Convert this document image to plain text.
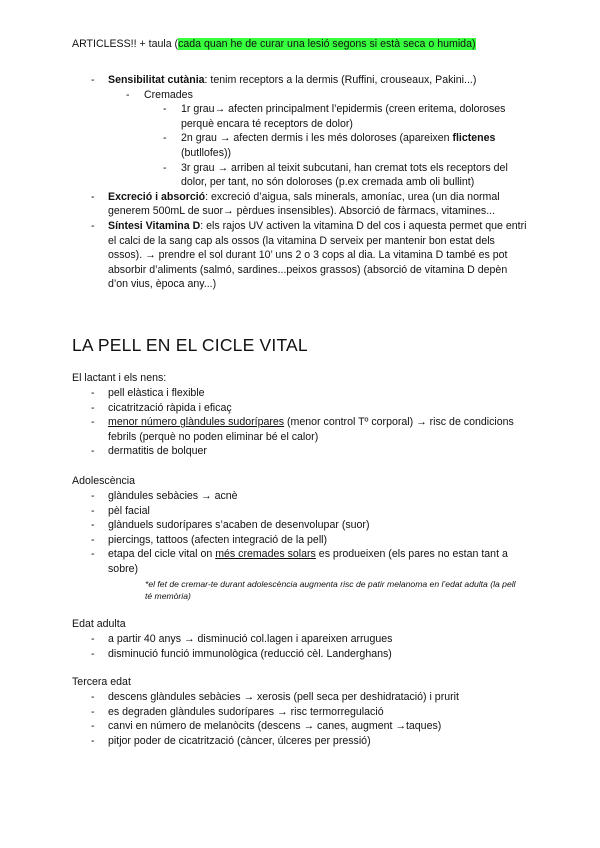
ARTICLESS!! + taula (cada quan he de curar una lesió segons si està seca o humida)
- Sensibilitat cutània: tenim receptors a la dermis (Ruffini, crouseaux, Pakini...)
- Cremades
- 1r grau→ afecten principalment l’epidermis (creen eritema, doloroses perquè encara té receptors de dolor)
- 2n grau → afecten dermis i les més doloroses (apareixen flictenes (butllofes))
- 3r grau → arriben al teixit subcutani, han cremat tots els receptors del dolor, per tant, no són doloroses (p.ex cremada amb oli bullint)
- Excreció i absorció: excreció d’aigua, sals minerals, amoníac, urea (un dia normal generem 500mL de suor→ pèrdues insensibles). Absorció de fàrmacs, vitamines...
- Síntesi Vitamina D: els rajos UV activen la vitamina D del cos i aquesta permet que entri el calci de la sang cap als ossos (la vitamina D serveix per mantenir bon estat dels ossos). → prendre el sol durant 10’ uns 2 o 3 cops al dia. La vitamina D també es pot absorbir d’aliments (salmó, sardines...peixos grassos) (absorció de vitamina D depèn d’on vius, època any...)
LA PELL EN EL CICLE VITAL
El lactant i els nens:
- pell elàstica i flexible
- cicatrització ràpida i eficaç
- menor número glàndules sudorípares (menor control Tº corporal) → risc de condicions febrils (perquè no poden eliminar bé el calor)
- dermatitis de bolquer
Adolescència
- glàndules sebàcies → acnè
- pèl facial
- glànduels sudorípares s’acaben de desenvolupar (suor)
- piercings, tattoos (afecten integració de la pell)
- etapa del cicle vital on més cremades solars es produeixen (els pares no estan tant a sobre)
*el fet de cremar-te durant adolescència augmenta risc de patir melanoma en l’edat adulta (la pell té memòria)
Edat adulta
- a partir 40 anys → disminució col.lagen i apareixen arrugues
- disminució funció immunològica (reducció cèl. Landerghans)
Tercera edat
- descens glàndules sebàcies → xerosis (pell seca per deshidratació) i prurit
- es degraden glàndules sudorípares → risc termorregulació
- canvi en número de melanòcits (descens → canes, augment →taques)
- pitjor poder de cicatrització (càncer, úlceres per pressió)
